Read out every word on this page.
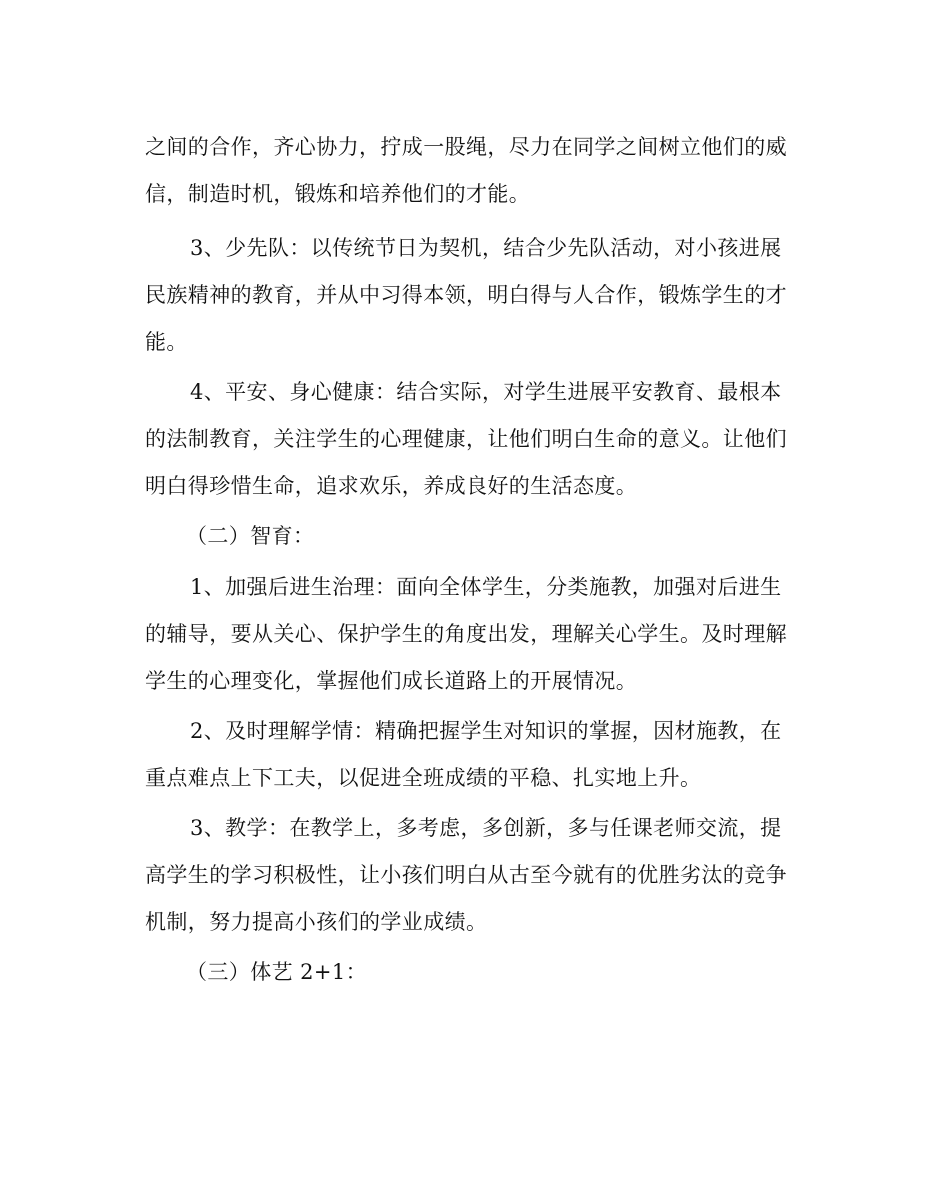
之间的合作，齐心协力，拧成一股绳，尽力在同学之间树立他们的威
信，制造时机，锻炼和培养他们的才能。
3、少先队：以传统节日为契机，结合少先队活动，对小孩进展
民族精神的教育，并从中习得本领，明白得与人合作，锻炼学生的才
能。
4、平安、身心健康：结合实际，对学生进展平安教育、最根本
的法制教育，关注学生的心理健康，让他们明白生命的意义。让他们
明白得珍惜生命，追求欢乐，养成良好的生活态度。
（二）智育：
1、加强后进生治理：面向全体学生，分类施教，加强对后进生
的辅导，要从关心、保护学生的角度出发，理解关心学生。及时理解
学生的心理变化，掌握他们成长道路上的开展情况。
2、及时理解学情：精确把握学生对知识的掌握，因材施教，在
重点难点上下工夫，以促进全班成绩的平稳、扎实地上升。
3、教学：在教学上，多考虑，多创新，多与任课老师交流，提
高学生的学习积极性，让小孩们明白从古至今就有的优胜劣汰的竞争
机制，努力提高小孩们的学业成绩。
（三）体艺 2+1：
